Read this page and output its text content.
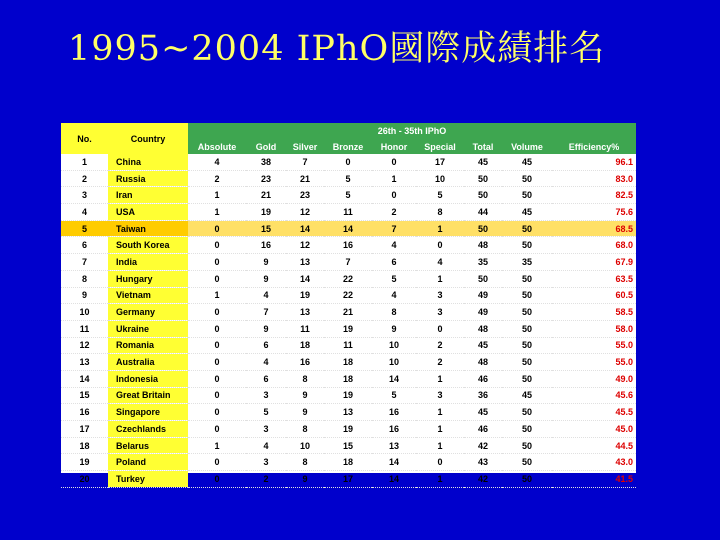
1995~2004 IPhO國際成績排名
No.	Country	26th - 35th IPhO								
		Absolute	Gold	Silver	Bronze	Honor	Special	Total	Volume	Efficiency%
1	China	4	38	7	0	0	17	45	45	96.1
2	Russia	2	23	21	5	1	10	50	50	83.0
3	Iran	1	21	23	5	0	5	50	50	82.5
4	USA	1	19	12	11	2	8	44	45	75.6
5	Taiwan	0	15	14	14	7	1	50	50	68.5
6	South Korea	0	16	12	16	4	0	48	50	68.0
7	India	0	9	13	7	6	4	35	35	67.9
8	Hungary	0	9	14	22	5	1	50	50	63.5
9	Vietnam	1	4	19	22	4	3	49	50	60.5
10	Germany	0	7	13	21	8	3	49	50	58.5
11	Ukraine	0	9	11	19	9	0	48	50	58.0
12	Romania	0	6	18	11	10	2	45	50	55.0
13	Australia	0	4	16	18	10	2	48	50	55.0
14	Indonesia	0	6	8	18	14	1	46	50	49.0
15	Great Britain	0	3	9	19	5	3	36	45	45.6
16	Singapore	0	5	9	13	16	1	45	50	45.5
17	Czechlands	0	3	8	19	16	1	46	50	45.0
18	Belarus	1	4	10	15	13	1	42	50	44.5
19	Poland	0	3	8	18	14	0	43	50	43.0
20	Turkey	0	2	9	17	14	1	42	50	41.5
